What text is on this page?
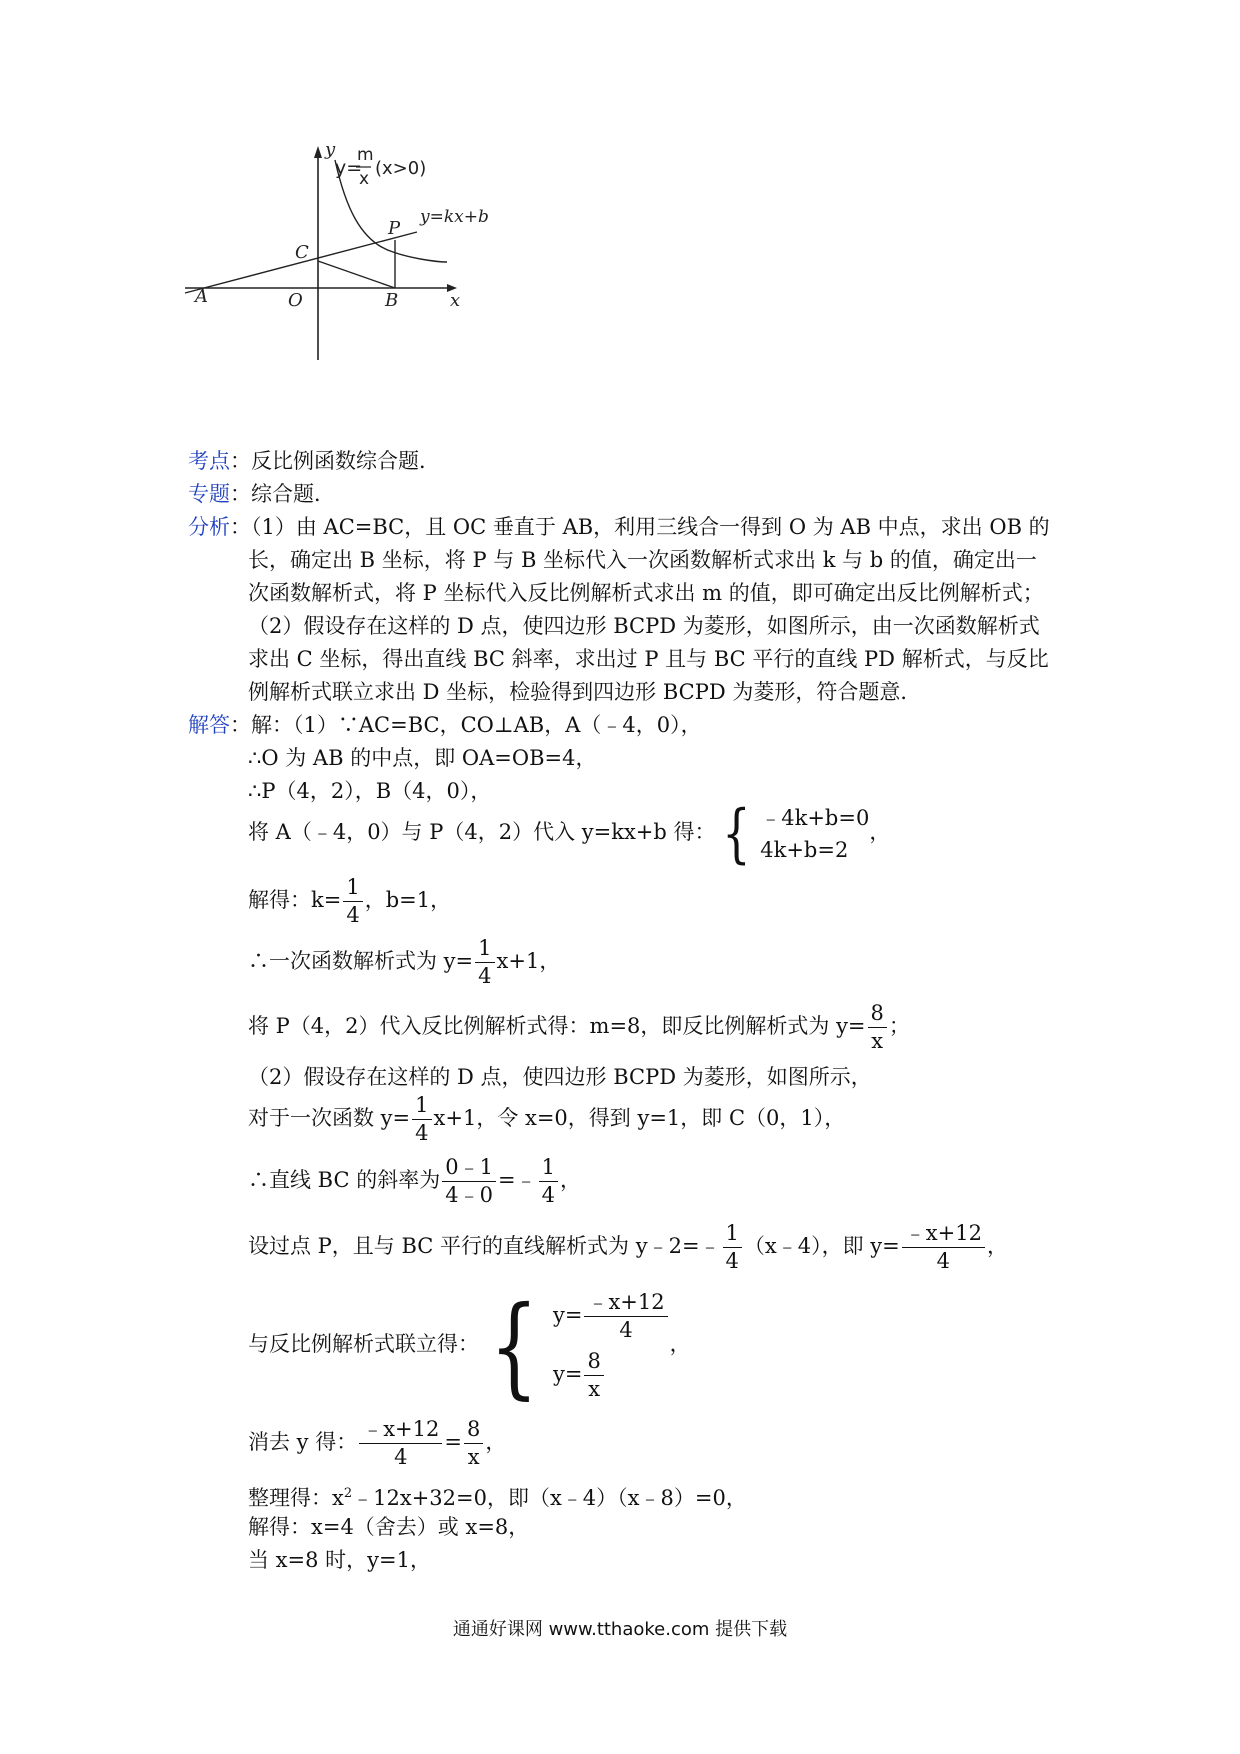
y
x
y=
m
x (x>0)
y=kx+b
A	O	B
C
P
考点：反比例函数综合题．
专题：综合题．
分析：（1）由 AC=BC，且 OC 垂直于 AB，利用三线合一得到 O 为 AB 中点，求出 OB 的
长，确定出 B 坐标，将 P 与 B 坐标代入一次函数解析式求出 k 与 b 的值，确定出一
次函数解析式，将 P 坐标代入反比例解析式求出 m 的值，即可确定出反比例解析式；
（2）假设存在这样的 D 点，使四边形 BCPD 为菱形，如图所示，由一次函数解析式
求出 C 坐标，得出直线 BC 斜率，求出过 P 且与 BC 平行的直线 PD 解析式，与反比
例解析式联立求出 D 坐标，检验得到四边形 BCPD 为菱形，符合题意．
解答：解：（1）∵AC=BC，CO⊥AB，A（﹣4，0），
∴O 为 AB 的中点，即 OA=OB=4，
∴P（4，2），B（4，0），
将 A（﹣4，0）与 P（4，2）代入 y=kx+b 得： { ﹣4k+b=0
4k+b=2
，
解得：$k= \frac{1}{4}$ ，b=1，
∴一次函数解析式为 $y= \frac{1}{4} x+1$，
将 P（4，2）代入反比例解析式得：m=8，即反比例解析式为 $y= \frac{8}{x}$ ；
（2）假设存在这样的 D 点，使四边形 BCPD 为菱形，如图所示，
对于一次函数 $y= \frac{1}{4} x+1$，令 x=0，得到 y=1，即 C（0，1），
∴直线 BC 的斜率为 $\frac{0﹣1}{4﹣0}$ =﹣ $\frac{1}{4}$ ，
设过点 P，且与 BC 平行的直线解析式为 y﹣2=﹣ $\frac{1}{4}$ （x﹣4），即 $y= \frac{﹣x+12}{4}$ ，
与反比例解析式联立得： { $y= \frac{﹣x+12}{4}$
$y= \frac{8}{x}$
，
消去 y 得： $\frac{﹣x+12}{4} = \frac{8}{x}$ ，
整理得：$x^2﹣12x+32=0$，即（x﹣4）（x﹣8）=0，
解得：x=4（舍去）或 x=8，
当 x=8 时，y=1，
通通好课网 www.tthaoke.com 提供下载
